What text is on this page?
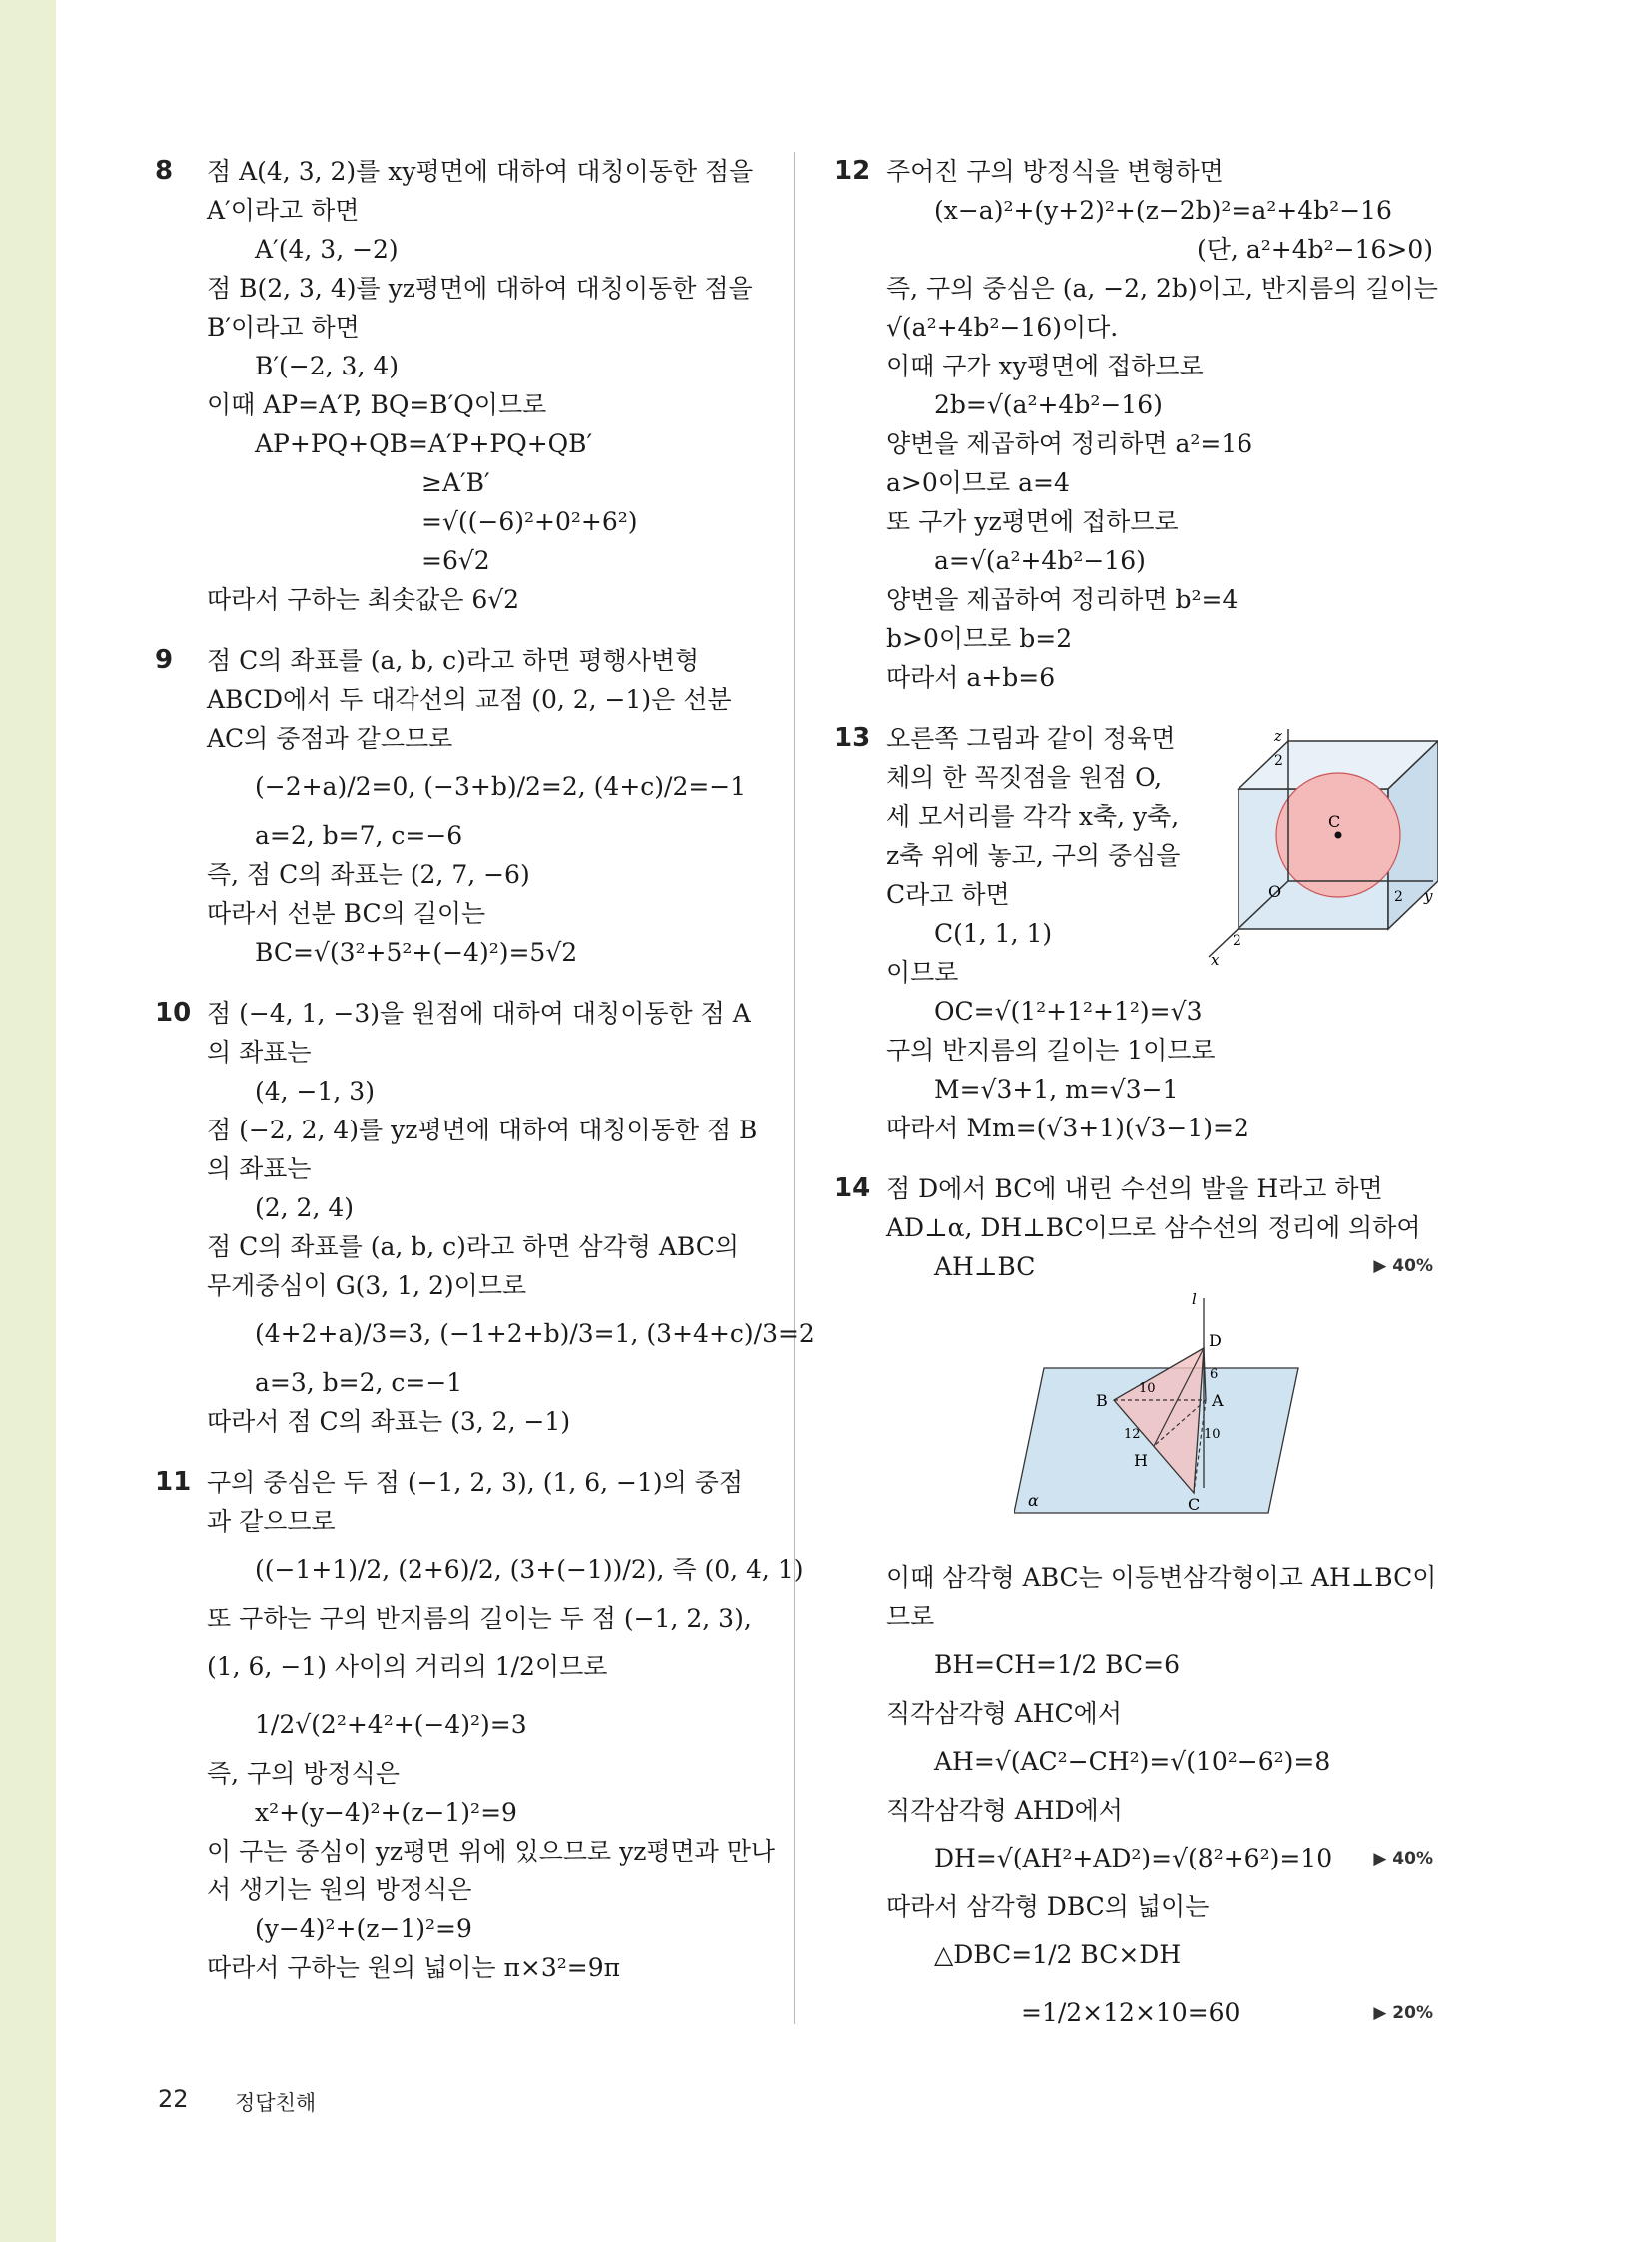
8 점 A(4, 3, 2)를 xy평면에 대하여 대칭이동한 점을
A′이라고 하면
A′(4, 3, −2)
점 B(2, 3, 4)를 yz평면에 대하여 대칭이동한 점을
B′이라고 하면
B′(−2, 3, 4)
이때 AP=A′P, BQ=B′Q이므로
AP+PQ+QB=A′P+PQ+QB′
≥A′B′
=√((−6)²+0²+6²)
=6√2
따라서 구하는 최솟값은 6√2
9 점 C의 좌표를 (a, b, c)라고 하면 평행사변형
ABCD에서 두 대각선의 교점 (0, 2, −1)은 선분
AC의 중점과 같으므로
(−2+a)/2=0, (−3+b)/2=2, (4+c)/2=−1
a=2, b=7, c=−6
즉, 점 C의 좌표는 (2, 7, −6)
따라서 선분 BC의 길이는
BC=√(3²+5²+(−4)²)=5√2
10 점 (−4, 1, −3)을 원점에 대하여 대칭이동한 점 A
의 좌표는
(4, −1, 3)
점 (−2, 2, 4)를 yz평면에 대하여 대칭이동한 점 B
의 좌표는
(2, 2, 4)
점 C의 좌표를 (a, b, c)라고 하면 삼각형 ABC의
무게중심이 G(3, 1, 2)이므로
(4+2+a)/3=3, (−1+2+b)/3=1, (3+4+c)/3=2
a=3, b=2, c=−1
따라서 점 C의 좌표는 (3, 2, −1)
11 구의 중심은 두 점 (−1, 2, 3), (1, 6, −1)의 중점
과 같으므로
((−1+1)/2, (2+6)/2, (3+(−1))/2), 즉 (0, 4, 1)
또 구하는 구의 반지름의 길이는 두 점 (−1, 2, 3),
(1, 6, −1) 사이의 거리의 1/2이므로
1/2√(2²+4²+(−4)²)=3
즉, 구의 방정식은
x²+(y−4)²+(z−1)²=9
이 구는 중심이 yz평면 위에 있으므로 yz평면과 만나
서 생기는 원의 방정식은
(y−4)²+(z−1)²=9
따라서 구하는 원의 넓이는 π×3²=9π
12 주어진 구의 방정식을 변형하면
(x−a)²+(y+2)²+(z−2b)²=a²+4b²−16
(단, a²+4b²−16>0)
즉, 구의 중심은 (a, −2, 2b)이고, 반지름의 길이는
√(a²+4b²−16)이다.
이때 구가 xy평면에 접하므로
2b=√(a²+4b²−16)
양변을 제곱하여 정리하면 a²=16
a>0이므로 a=4
또 구가 yz평면에 접하므로
a=√(a²+4b²−16)
양변을 제곱하여 정리하면 b²=4
b>0이므로 b=2
따라서 a+b=6
13 오른쪽 그림과 같이 정육면
체의 한 꼭짓점을 원점 O,
세 모서리를 각각 x축, y축,
z축 위에 놓고, 구의 중심을
C라고 하면
C(1, 1, 1)
이므로
OC=√(1²+1²+1²)=√3
구의 반지름의 길이는 1이므로
M=√3+1, m=√3−1
따라서 Mm=(√3+1)(√3−1)=2
14 점 D에서 BC에 내린 수선의 발을 H라고 하면
AD⊥α, DH⊥BC이므로 삼수선의 정리에 의하여
AH⊥BC	▶ 40%
이때 삼각형 ABC는 이등변삼각형이고 AH⊥BC이
므로
BH=CH=1/2 BC=6
직각삼각형 AHC에서
AH=√(AC²−CH²)=√(10²−6²)=8
직각삼각형 AHD에서
DH=√(AH²+AD²)=√(8²+6²)=10 ▶ 40%
따라서 삼각형 DBC의 넓이는
△DBC=1/2 BC×DH
=1/2×12×10=60	▶ 20%
z
2
y
2
x
2
O
C
l
D
B	A
H
C
α
10
6
10
12
22 정답친해
